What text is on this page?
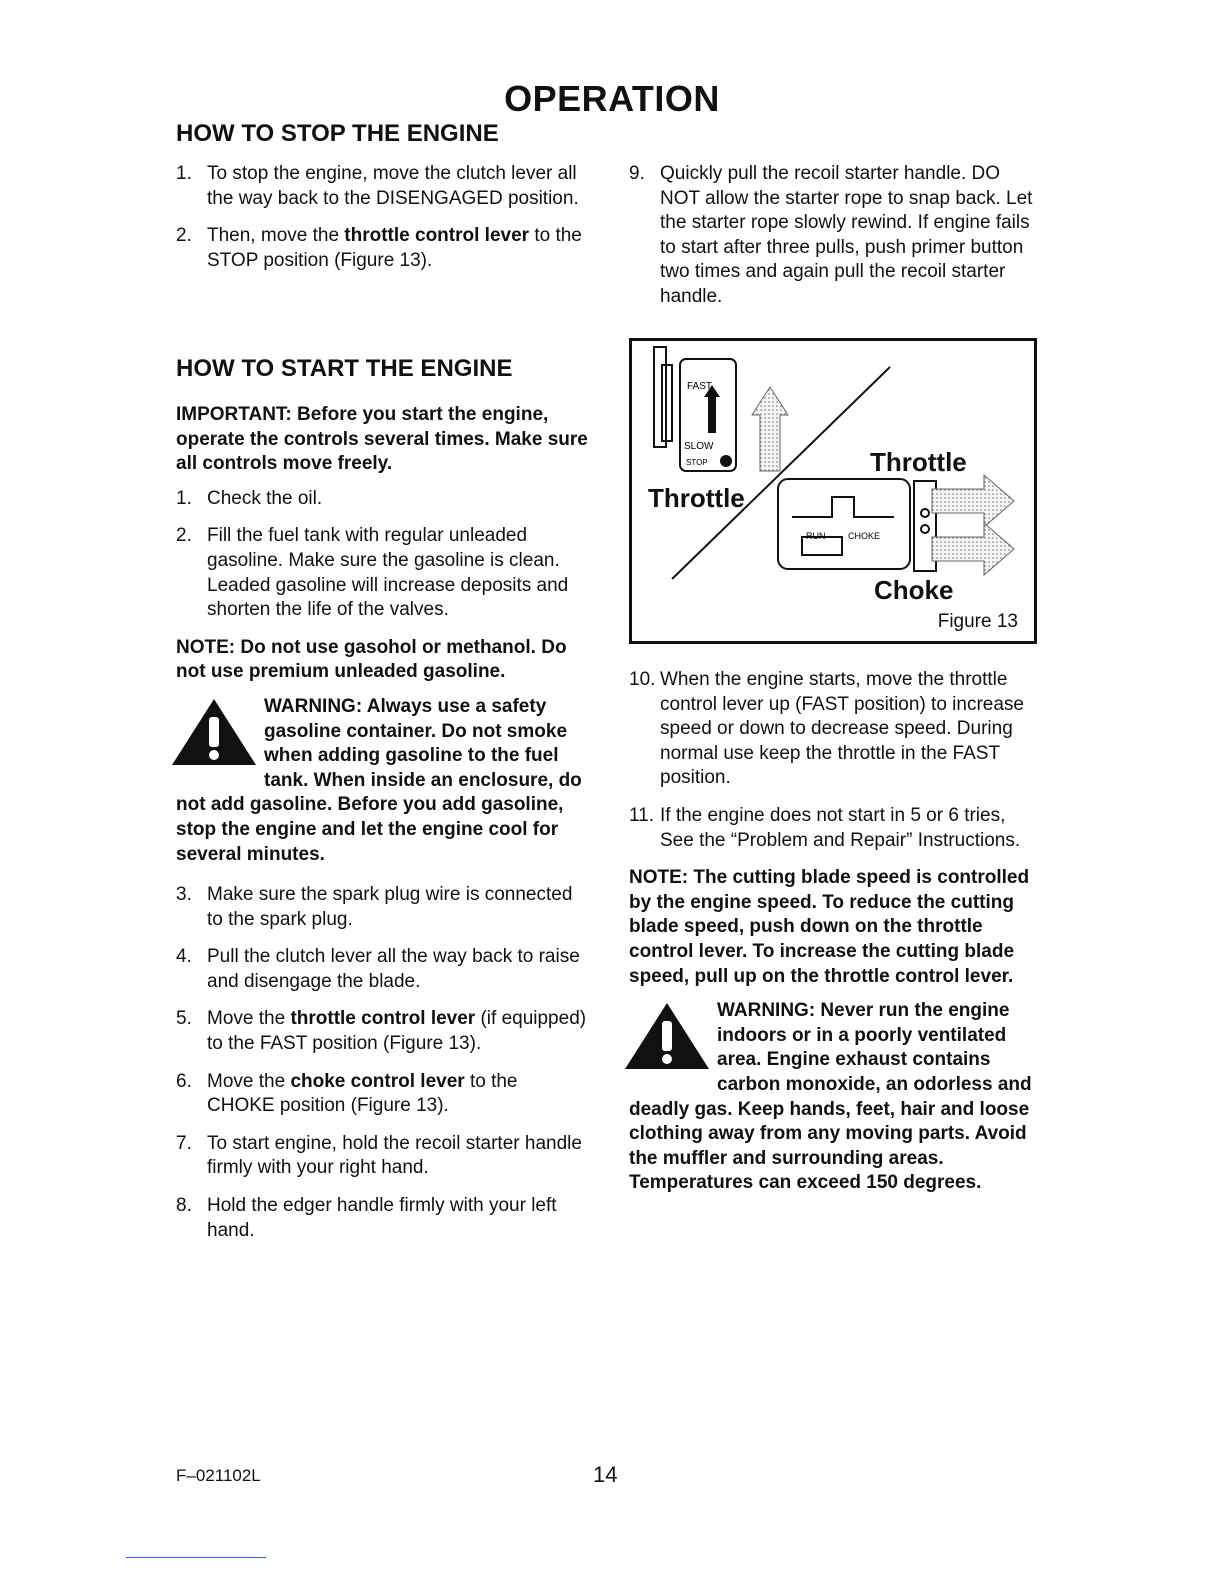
OPERATION
HOW TO STOP THE ENGINE
1. To stop the engine, move the clutch lever all the way back to the DISENGAGED position.
2. Then, move the throttle control lever to the STOP position (Figure 13).
HOW TO START THE ENGINE

IMPORTANT: Before you start the engine, operate the controls several times. Make sure all controls move freely.

1. Check the oil.
2. Fill the fuel tank with regular unleaded gasoline. Make sure the gasoline is clean. Leaded gasoline will increase deposits and shorten the life of the valves.

NOTE: Do not use gasohol or methanol. Do not use premium unleaded gasoline.

WARNING: Always use a safety gasoline container. Do not smoke when adding gasoline to the fuel tank. When inside an enclosure, do not add gasoline. Before you add gasoline, stop the engine and let the engine cool for several minutes.
3. Make sure the spark plug wire is connected to the spark plug.
4. Pull the clutch lever all the way back to raise and disengage the blade.
5. Move the throttle control lever (if equipped) to the FAST position (Figure 13).
6. Move the choke control lever to the CHOKE position (Figure 13).
7. To start engine, hold the recoil starter handle firmly with your right hand.
8. Hold the edger handle firmly with your left hand.
9. Quickly pull the recoil starter handle. DO NOT allow the starter rope to snap back. Let the starter rope slowly rewind. If engine fails to start after three pulls, push primer button two times and again pull the recoil starter handle.
FAST
SLOW
STOP
RUN	CHOKE
Throttle
Throttle
Choke
Figure 13
10. When the engine starts, move the throttle control lever up (FAST position) to increase speed or down to decrease speed. During normal use keep the throttle in the FAST position.
11. If the engine does not start in 5 or 6 tries, See the “Problem and Repair” Instructions.

NOTE: The cutting blade speed is controlled by the engine speed. To reduce the cutting blade speed, push down on the throttle control lever. To increase the cutting blade speed, pull up on the throttle control lever.

WARNING: Never run the engine indoors or in a poorly ventilated area. Engine exhaust contains carbon monoxide, an odorless and deadly gas. Keep hands, feet, hair and loose clothing away from any moving parts. Avoid the muffler and surrounding areas. Temperatures can exceed 150 degrees.
F–021102L	14
